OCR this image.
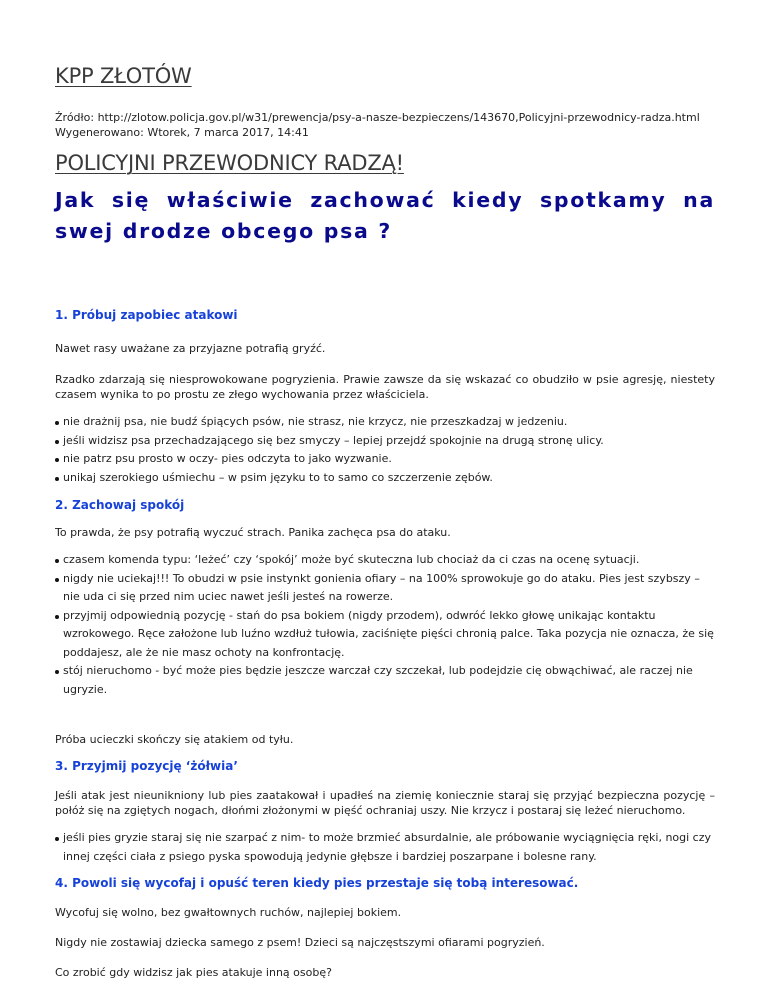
KPP ZŁOTÓW
Źródło: http://zlotow.policja.gov.pl/w31/prewencja/psy-a-nasze-bezpieczens/143670,Policyjni-przewodnicy-radza.html
Wygenerowano: Wtorek, 7 marca 2017, 14:41
POLICYJNI PRZEWODNICY RADZĄ!
Jak się właściwie zachować kiedy spotkamy na swej drodze obcego psa ?
1. Próbuj zapobiec atakowi

Nawet rasy uważane za przyjazne potrafią gryźć.

Rzadko zdarzają się niesprowokowane pogryzienia. Prawie zawsze da się wskazać co obudziło w psie agresję, niestety czasem wynika to po prostu ze złego wychowania przez właściciela.

nie drażnij psa, nie budź śpiących psów, nie strasz, nie krzycz, nie przeszkadzaj w jedzeniu.
jeśli widzisz psa przechadzającego się bez smyczy – lepiej przejdź spokojnie na drugą stronę ulicy.
nie patrz psu prosto w oczy- pies odczyta to jako wyzwanie.
unikaj szerokiego uśmiechu – w psim języku to to samo co szczerzenie zębów.
2. Zachowaj spokój

To prawda, że psy potrafią wyczuć strach. Panika zachęca psa do ataku.

czasem komenda typu: ‘leżeć’ czy ‘spokój’ może być skuteczna lub chociaż da ci czas na ocenę sytuacji.
nigdy nie uciekaj!!! To obudzi w psie instynkt gonienia ofiary – na 100% sprowokuje go do ataku. Pies jest szybszy – nie uda ci się przed nim uciec nawet jeśli jesteś na rowerze.
przyjmij odpowiednią pozycję - stań do psa bokiem (nigdy przodem), odwróć lekko głowę unikając kontaktu wzrokowego. Ręce założone lub luźno wzdłuż tułowia, zaciśnięte pięści chronią palce. Taka pozycja nie oznacza, że się poddajesz, ale że nie masz ochoty na konfrontację.
stój nieruchomo - być może pies będzie jeszcze warczał czy szczekał, lub podejdzie cię obwąchiwać, ale raczej nie ugryzie.

Próba ucieczki skończy się atakiem od tyłu.

3. Przyjmij pozycję ‘żółwia’

Jeśli atak jest nieunikniony lub pies zaatakował i upadłeś na ziemię koniecznie staraj się przyjąć bezpieczna pozycję – połóż się na zgiętych nogach, dłońmi złożonymi w pięść ochraniaj uszy. Nie krzycz i postaraj się leżeć nieruchomo.

jeśli pies gryzie staraj się nie szarpać z nim- to może brzmieć absurdalnie, ale próbowanie wyciągnięcia ręki, nogi czy innej części ciała z psiego pyska spowodują jedynie głębsze i bardziej poszarpane i bolesne rany.
4. Powoli się wycofaj i opuść teren kiedy pies przestaje się tobą interesować.

Wycofuj się wolno, bez gwałtownych ruchów, najlepiej bokiem.

Nigdy nie zostawiaj dziecka samego z psem! Dzieci są najczęstszymi ofiarami pogryzień.

Co zrobić gdy widzisz jak pies atakuje inną osobę?
